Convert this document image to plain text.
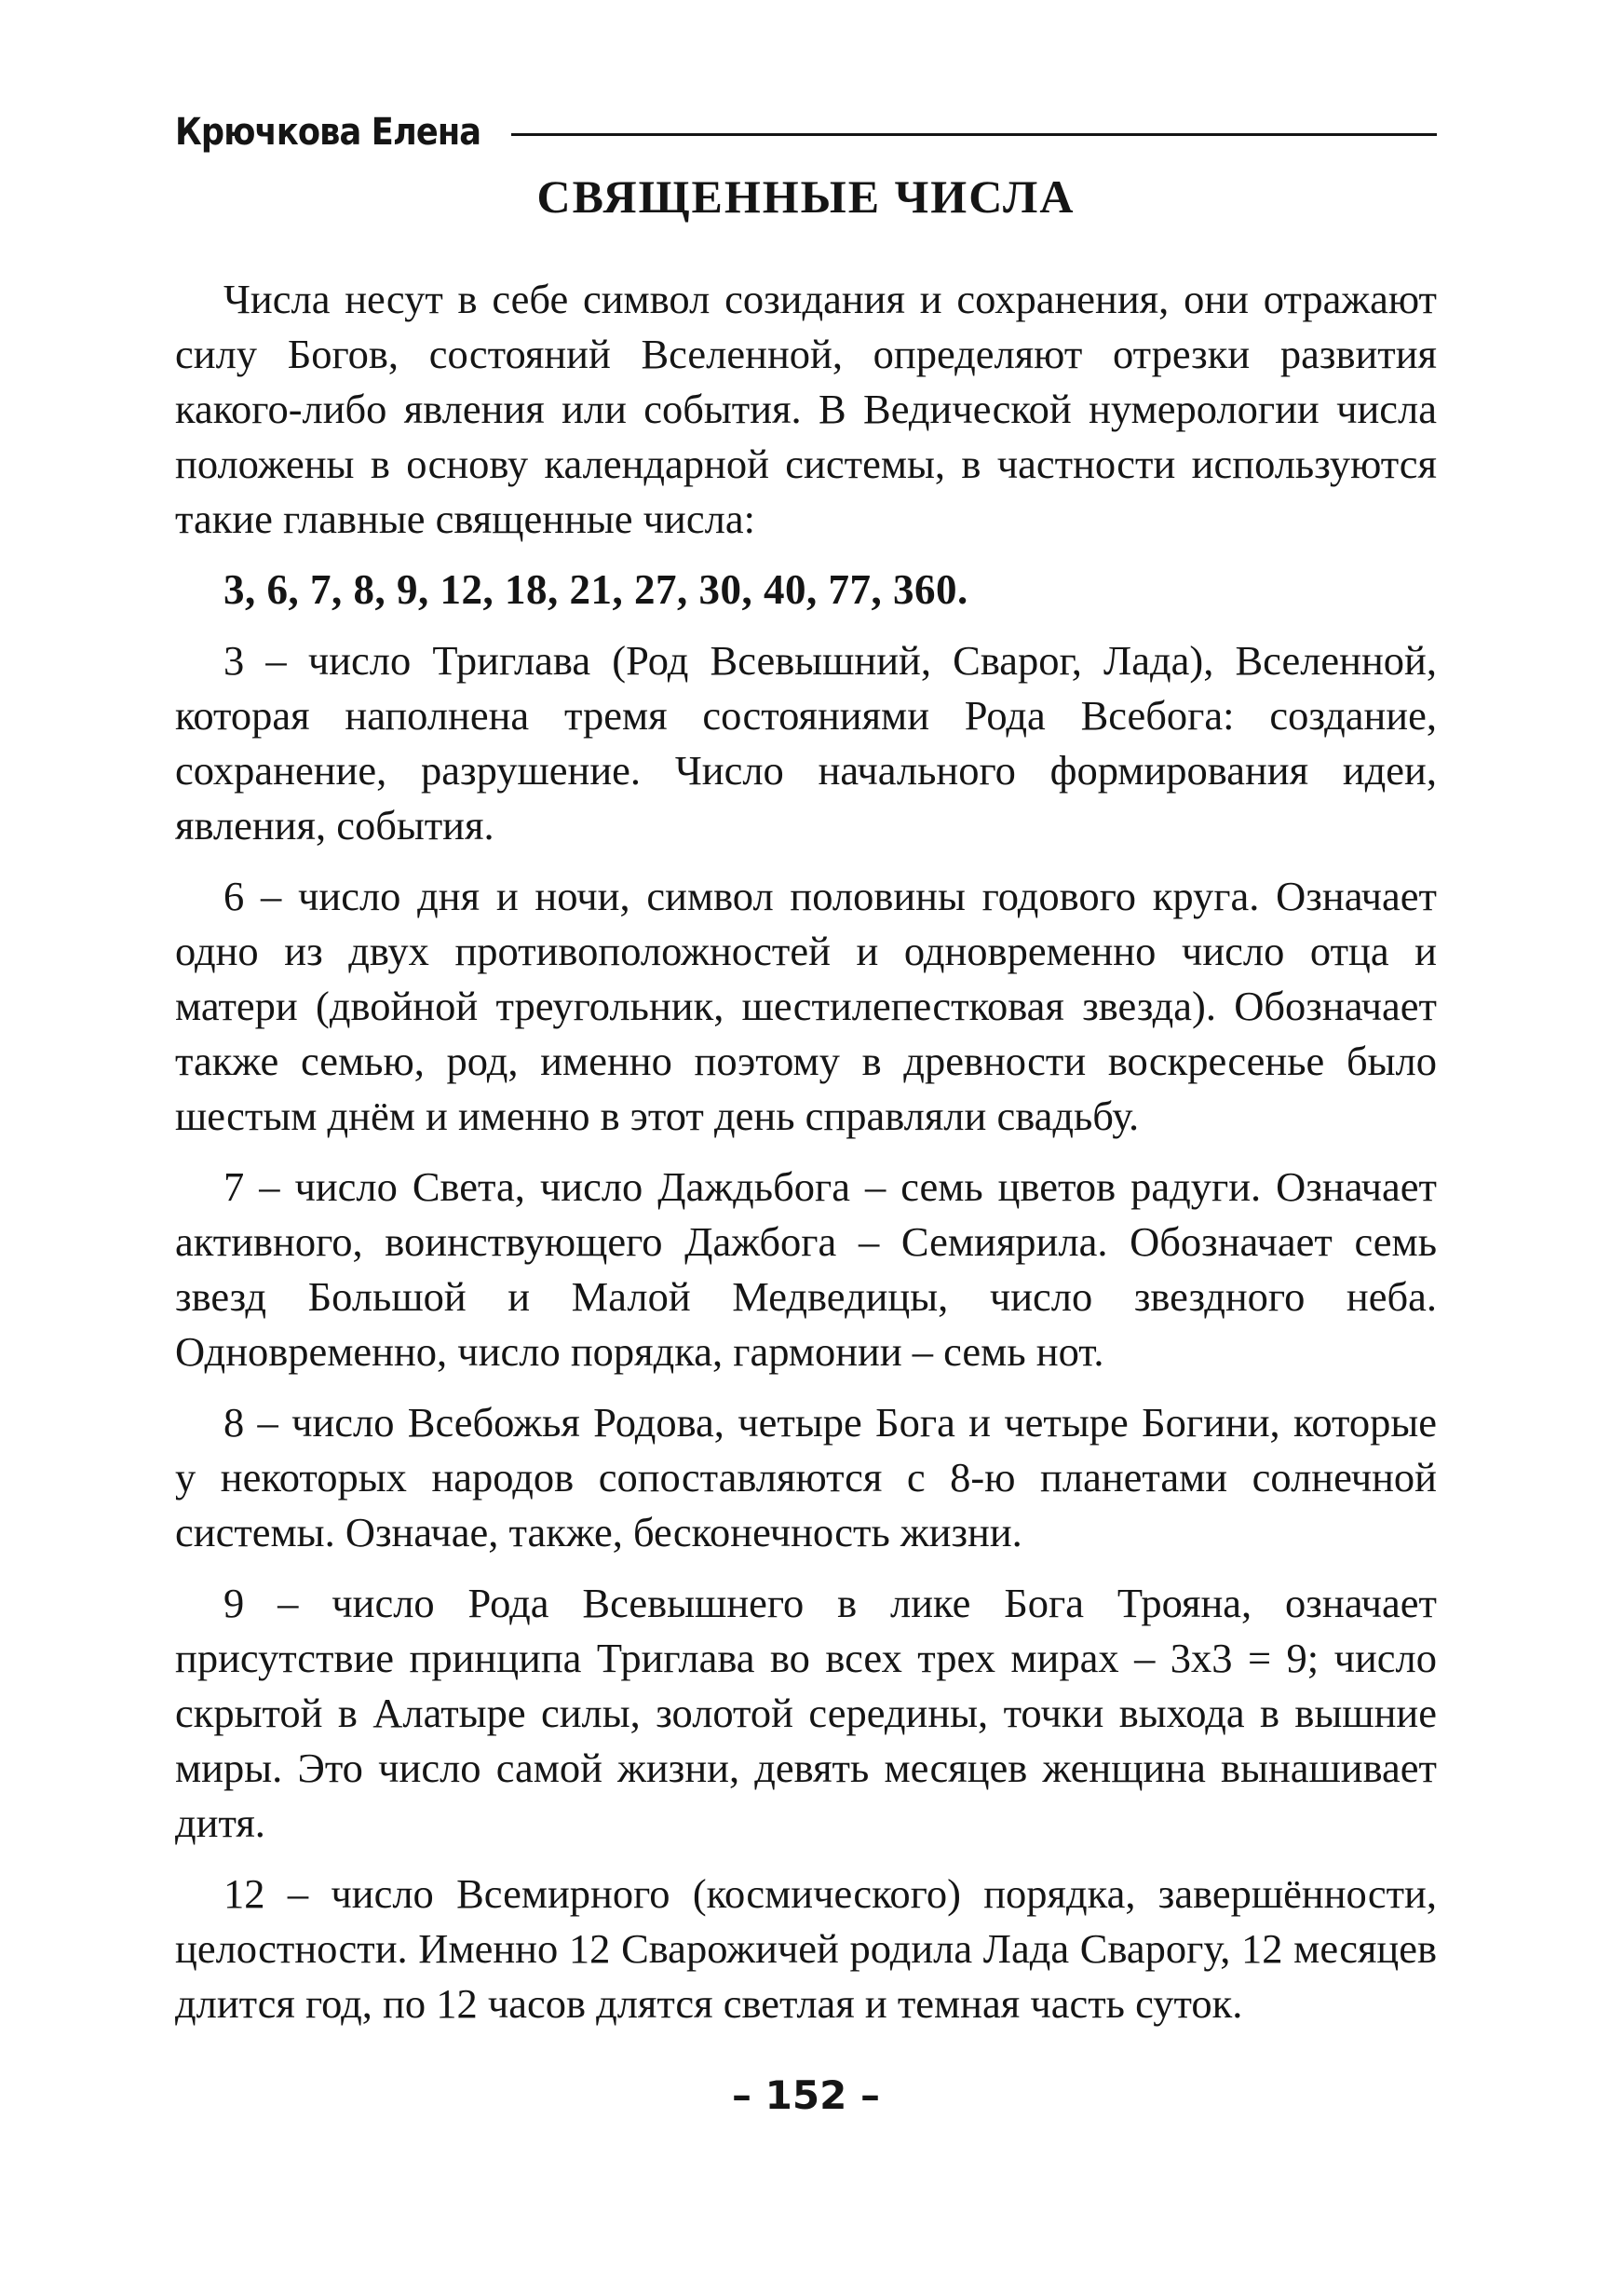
Крючкова Елена
СВЯЩЕННЫЕ ЧИСЛА

Числа несут в себе символ созидания и сохранения, они отражают силу Богов, состояний Вселенной, определяют отрезки развития какого-либо явления или события. В Ведической нумерологии числа положены в основу календарной системы, в частности используются такие главные священные числа:

3, 6, 7, 8, 9, 12, 18, 21, 27, 30, 40, 77, 360.

3 – число Триглава (Род Всевышний, Сварог, Лада), Вселенной, которая наполнена тремя состояниями Рода Всебога: создание, сохранение, разрушение. Число начального формирования идеи, явления, события.

6 – число дня и ночи, символ половины годового круга. Означает одно из двух противоположностей и одновременно число отца и матери (двойной треугольник, шестилепестковая звезда). Обозначает также семью, род, именно поэтому в древности воскресенье было шестым днём и именно в этот день справляли свадьбу.

7 – число Света, число Даждьбога – семь цветов радуги. Означает активного, воинствующего Дажбога – Семиярила. Обозначает семь звезд Большой и Малой Медведицы, число звездного неба. Одновременно, число порядка, гармонии – семь нот.

8 – число Всебожья Родова, четыре Бога и четыре Богини, которые у некоторых народов сопоставляются с 8-ю планетами солнечной системы. Означае, также, бесконечность жизни.

9 – число Рода Всевышнего в лике Бога Трояна, означает присутствие принципа Триглава во всех трех мирах – 3х3 = 9; число скрытой в Алатыре силы, золотой середины, точки выхода в вышние миры. Это число самой жизни, девять месяцев женщина вынашивает дитя.

12 – число Всемирного (космического) порядка, завершённости, целостности. Именно 12 Сварожичей родила Лада Сварогу, 12 месяцев длится год, по 12 часов длятся светлая и темная часть суток.

– 152 –
